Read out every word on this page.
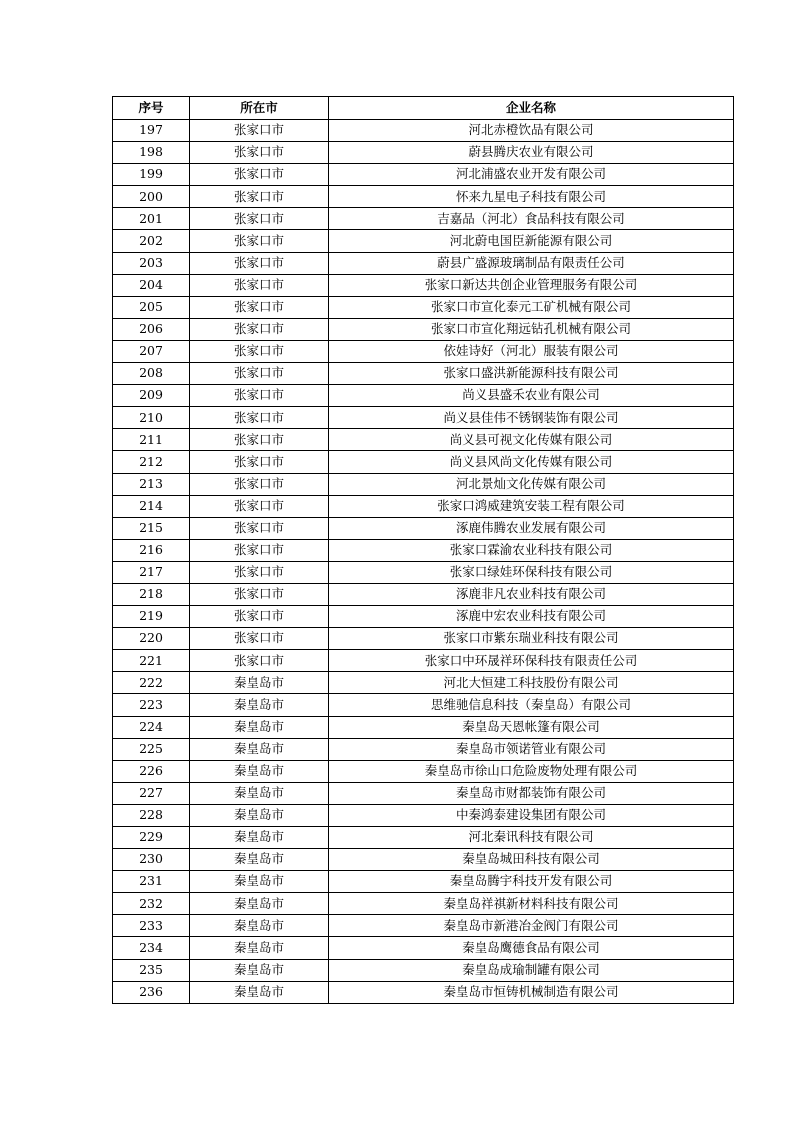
序号	所在市	企业名称
197	张家口市	河北赤橙饮品有限公司
198	张家口市	蔚县腾庆农业有限公司
199	张家口市	河北浦盛农业开发有限公司
200	张家口市	怀来九星电子科技有限公司
201	张家口市	吉嘉品（河北）食品科技有限公司
202	张家口市	河北蔚电国臣新能源有限公司
203	张家口市	蔚县广盛源玻璃制品有限责任公司
204	张家口市	张家口新达共创企业管理服务有限公司
205	张家口市	张家口市宣化泰元工矿机械有限公司
206	张家口市	张家口市宣化翔远钻孔机械有限公司
207	张家口市	依娃诗好（河北）服装有限公司
208	张家口市	张家口盛洪新能源科技有限公司
209	张家口市	尚义县盛禾农业有限公司
210	张家口市	尚义县佳伟不锈钢装饰有限公司
211	张家口市	尚义县可视文化传媒有限公司
212	张家口市	尚义县风尚文化传媒有限公司
213	张家口市	河北景灿文化传媒有限公司
214	张家口市	张家口鸿威建筑安装工程有限公司
215	张家口市	涿鹿伟腾农业发展有限公司
216	张家口市	张家口霖渝农业科技有限公司
217	张家口市	张家口绿娃环保科技有限公司
218	张家口市	涿鹿非凡农业科技有限公司
219	张家口市	涿鹿中宏农业科技有限公司
220	张家口市	张家口市紫东瑞业科技有限公司
221	张家口市	张家口中环晟祥环保科技有限责任公司
222	秦皇岛市	河北大恒建工科技股份有限公司
223	秦皇岛市	思维驰信息科技（秦皇岛）有限公司
224	秦皇岛市	秦皇岛天恩帐篷有限公司
225	秦皇岛市	秦皇岛市领诺管业有限公司
226	秦皇岛市	秦皇岛市徐山口危险废物处理有限公司
227	秦皇岛市	秦皇岛市财都装饰有限公司
228	秦皇岛市	中秦鸿泰建设集团有限公司
229	秦皇岛市	河北秦讯科技有限公司
230	秦皇岛市	秦皇岛城田科技有限公司
231	秦皇岛市	秦皇岛腾宇科技开发有限公司
232	秦皇岛市	秦皇岛祥祺新材料科技有限公司
233	秦皇岛市	秦皇岛市新港冶金阀门有限公司
234	秦皇岛市	秦皇岛鹰德食品有限公司
235	秦皇岛市	秦皇岛成瑜制罐有限公司
236	秦皇岛市	秦皇岛市恒铸机械制造有限公司
